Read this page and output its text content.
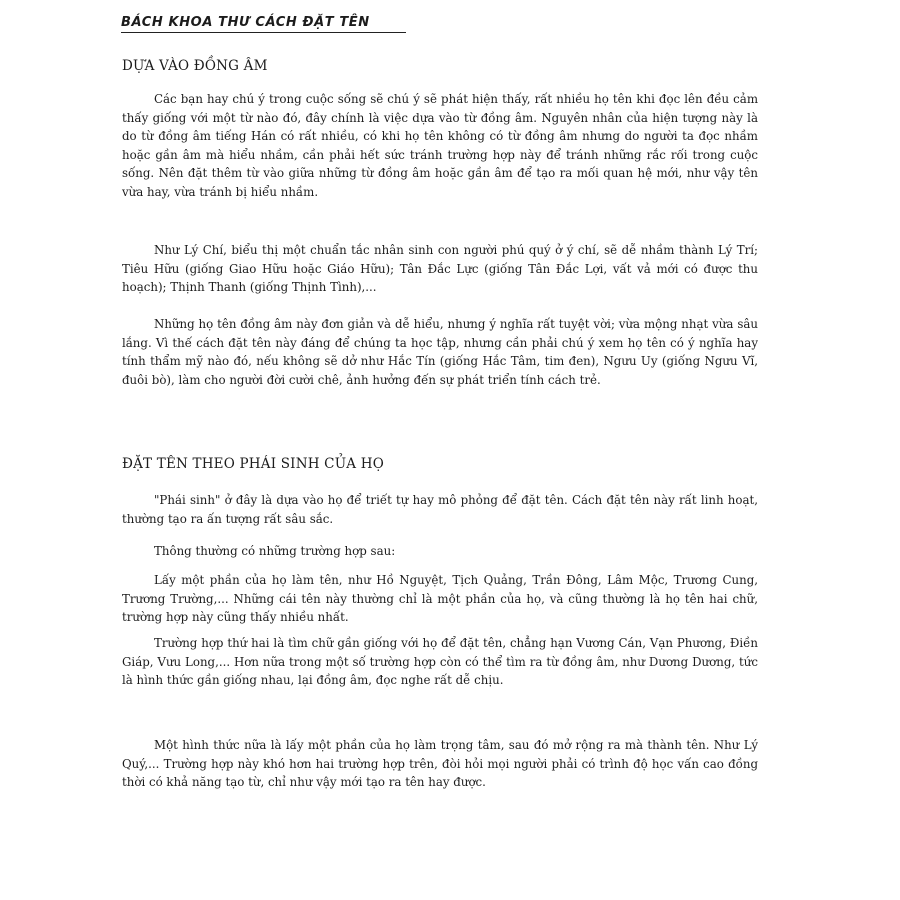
BÁCH KHOA THƯ CÁCH ĐẶT TÊN
DỰA VÀO ĐỒNG ÂM

Các bạn hay chú ý trong cuộc sống sẽ chú ý sẽ phát hiện thấy, rất nhiều họ tên khi đọc lên đều cảm thấy giống với một từ nào đó, đây chính là việc dựa vào từ đồng âm. Nguyên nhân của hiện tượng này là do từ đồng âm tiếng Hán có rất nhiều, có khi họ tên không có từ đồng âm nhưng do người ta đọc nhầm hoặc gần âm mà hiểu nhầm, cần phải hết sức tránh trường hợp này để tránh những rắc rối trong cuộc sống. Nên đặt thêm từ vào giữa những từ đồng âm hoặc gần âm để tạo ra mối quan hệ mới, như vậy tên vừa hay, vừa tránh bị hiểu nhầm.

Như Lý Chí, biểu thị một chuẩn tắc nhân sinh con người phú quý ở ý chí, sẽ dễ nhầm thành Lý Trí; Tiêu Hữu (giống Giao Hữu hoặc Giáo Hữu); Tân Đắc Lực (giống Tân Đắc Lợi, vất vả mới có được thu hoạch); Thịnh Thanh (giống Thịnh Tình),...

Những họ tên đồng âm này đơn giản và dễ hiểu, nhưng ý nghĩa rất tuyệt vời; vừa mộng nhạt vừa sâu lắng. Vì thế cách đặt tên này đáng để chúng ta học tập, nhưng cần phải chú ý xem họ tên có ý nghĩa hay tính thẩm mỹ nào đó, nếu không sẽ dở như Hắc Tín (giống Hắc Tâm, tim đen), Ngưu Uy (giống Ngưu Vĩ, đuôi bò), làm cho người đời cười chê, ảnh hưởng đến sự phát triển tính cách trẻ.

ĐẶT TÊN THEO PHÁI SINH CỦA HỌ

"Phái sinh" ở đây là dựa vào họ để triết tự hay mô phỏng để đặt tên. Cách đặt tên này rất linh hoạt, thường tạo ra ấn tượng rất sâu sắc.

Thông thường có những trường hợp sau:

Lấy một phần của họ làm tên, như Hồ Nguyệt, Tịch Quảng, Trần Đông, Lâm Mộc, Trương Cung, Trương Trường,... Những cái tên này thường chỉ là một phần của họ, và cũng thường là họ tên hai chữ, trường hợp này cũng thấy nhiều nhất.

Trường hợp thứ hai là tìm chữ gần giống với họ để đặt tên, chẳng hạn Vương Cán, Vạn Phương, Điền Giáp, Vưu Long,... Hơn nữa trong một số trường hợp còn có thể tìm ra từ đồng âm, như Dương Dương, tức là hình thức gần giống nhau, lại đồng âm, đọc nghe rất dễ chịu.

Một hình thức nữa là lấy một phần của họ làm trọng tâm, sau đó mở rộng ra mà thành tên. Như Lý Quý,... Trường hợp này khó hơn hai trường hợp trên, đòi hỏi mọi người phải có trình độ học vấn cao đồng thời có khả năng tạo từ, chỉ như vậy mới tạo ra tên hay được.
